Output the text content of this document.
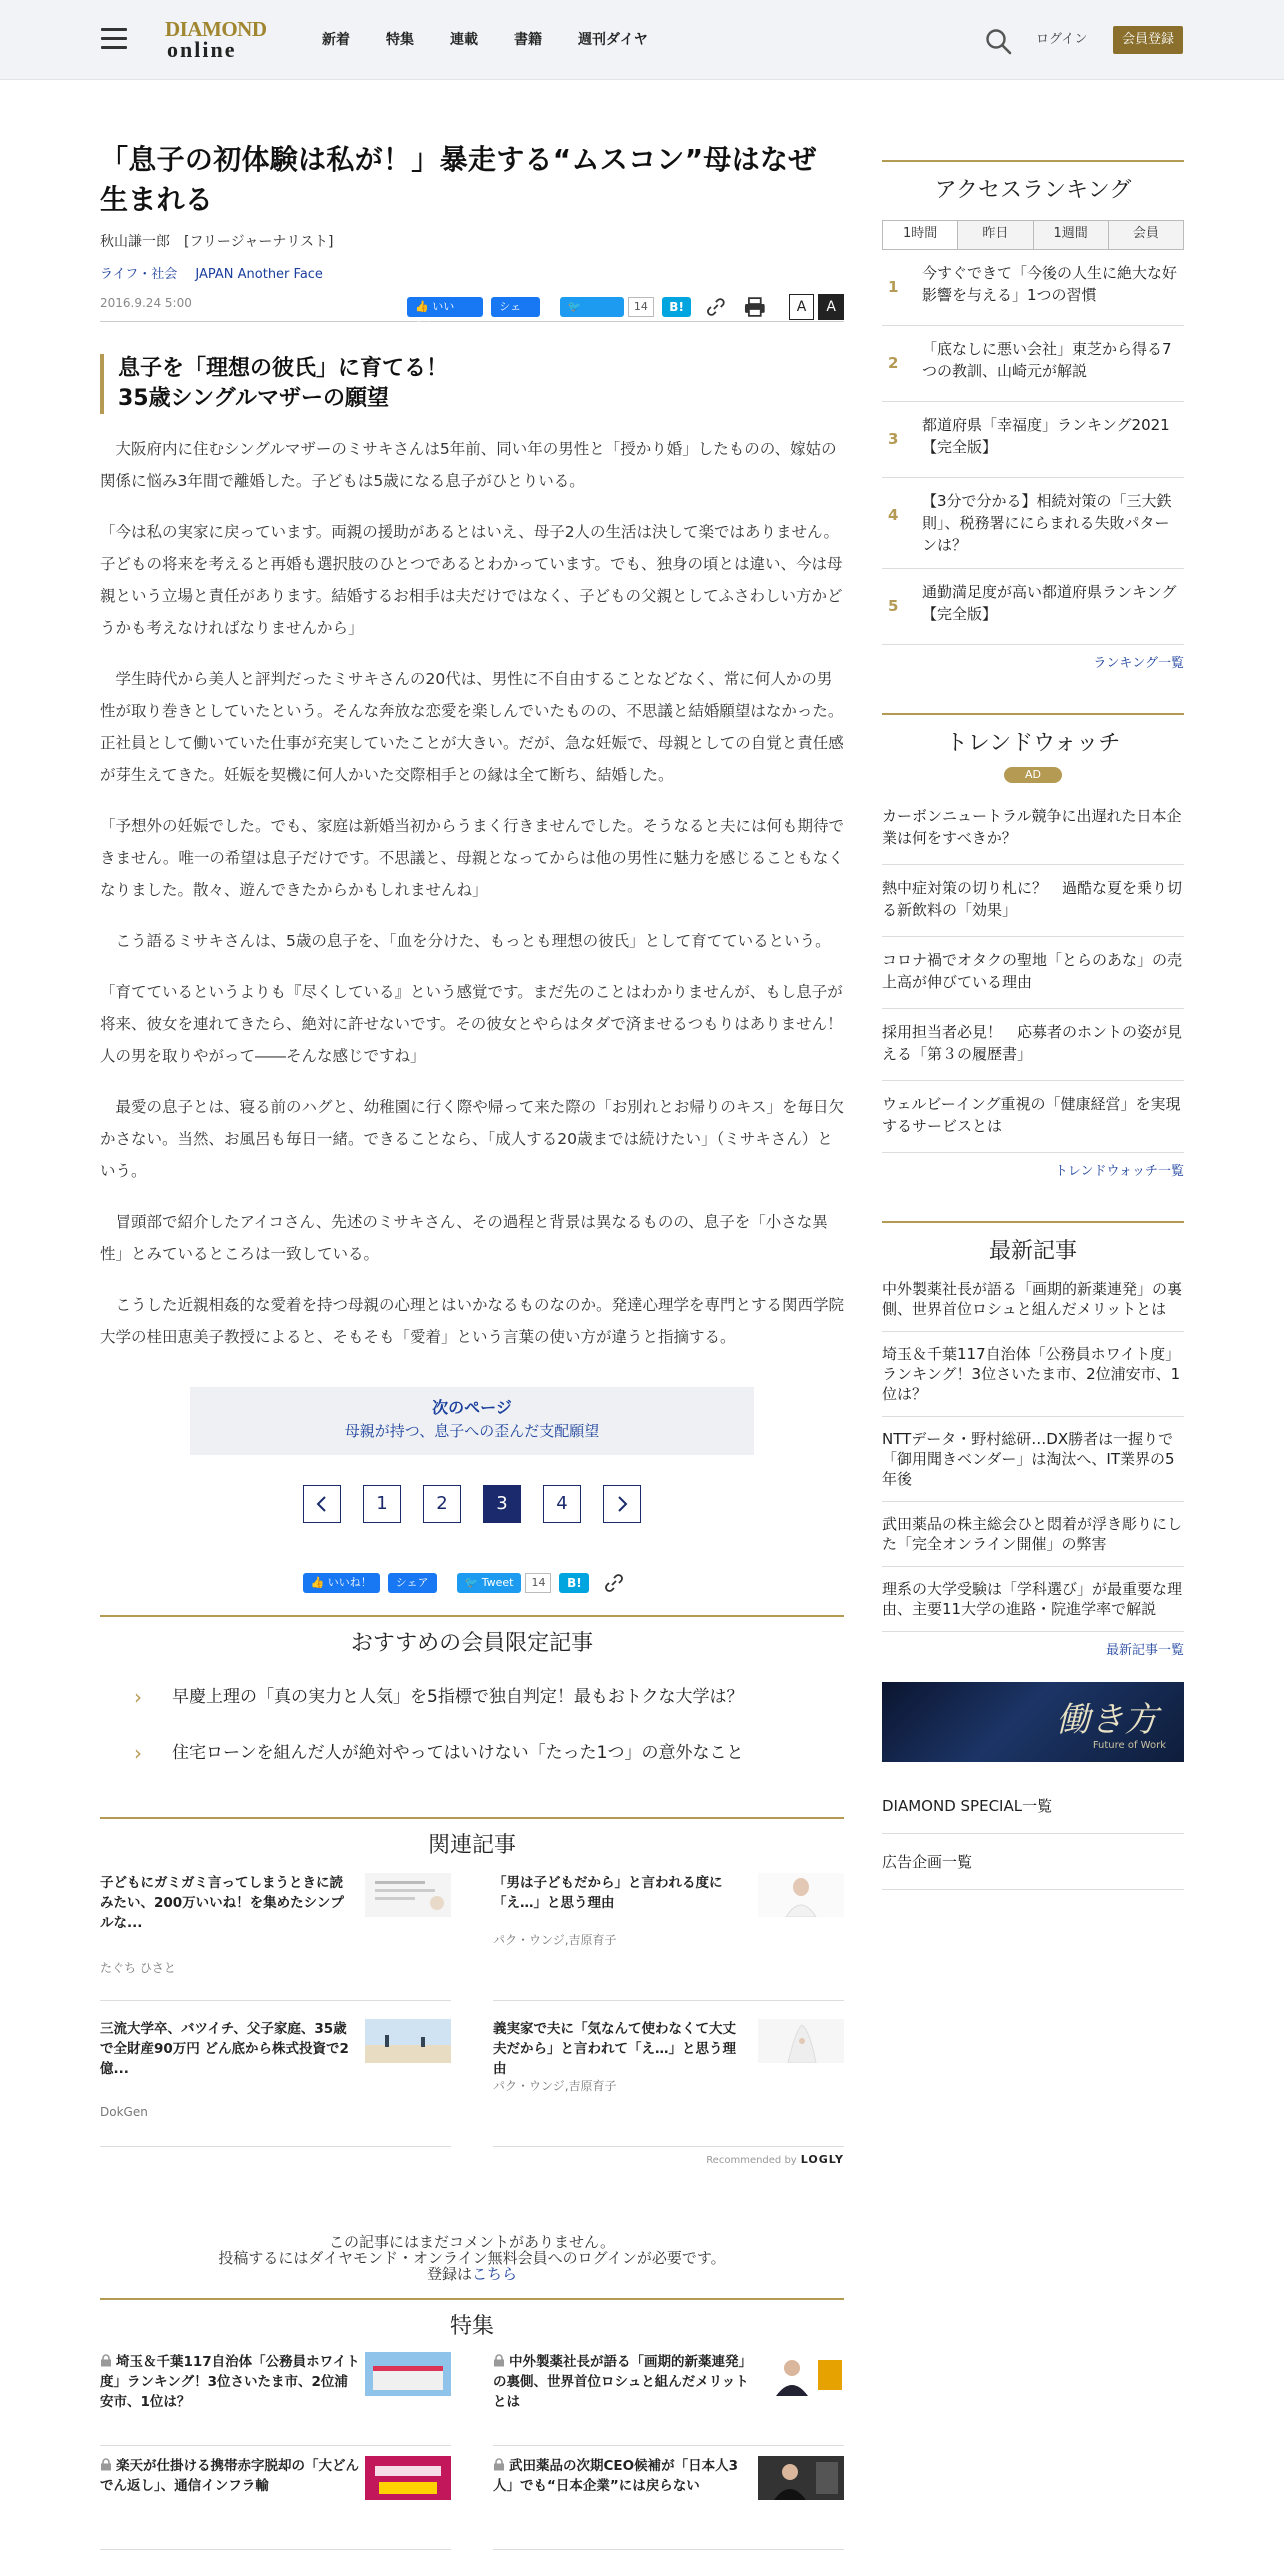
DIAMOND
online	新着	特集	連載	書籍	週刊ダイヤ	ログイン	会員登録
「息子の初体験は私が！」暴走する“ムスコン”母はなぜ生まれる
秋山謙一郎　[フリージャーナリスト]
ライフ・社会 JAPAN Another Face
2016.9.24 5:00	👍 いいね！
シェア
🐦 Tweet
14	B!	A	A
息子を「理想の彼氏」に育てる！
35歳シングルマザーの願望

大阪府内に住むシングルマザーのミサキさんは5年前、同い年の男性と「授かり婚」したものの、嫁姑の関係に悩み3年間で離婚した。子どもは5歳になる息子がひとりいる。

「今は私の実家に戻っています。両親の援助があるとはいえ、母子2人の生活は決して楽ではありません。子どもの将来を考えると再婚も選択肢のひとつであるとわかっています。でも、独身の頃とは違い、今は母親という立場と責任があります。結婚するお相手は夫だけではなく、子どもの父親としてふさわしい方かどうかも考えなければなりませんから」

学生時代から美人と評判だったミサキさんの20代は、男性に不自由することなどなく、常に何人かの男性が取り巻きとしていたという。そんな奔放な恋愛を楽しんでいたものの、不思議と結婚願望はなかった。正社員として働いていた仕事が充実していたことが大きい。だが、急な妊娠で、母親としての自覚と責任感が芽生えてきた。妊娠を契機に何人かいた交際相手との縁は全て断ち、結婚した。

「予想外の妊娠でした。でも、家庭は新婚当初からうまく行きませんでした。そうなると夫には何も期待できません。唯一の希望は息子だけです。不思議と、母親となってからは他の男性に魅力を感じることもなくなりました。散々、遊んできたからかもしれませんね」

こう語るミサキさんは、5歳の息子を、「血を分けた、もっとも理想の彼氏」として育てているという。

「育てているというよりも『尽くしている』という感覚です。まだ先のことはわかりませんが、もし息子が将来、彼女を連れてきたら、絶対に許せないです。その彼女とやらはタダで済ませるつもりはありません！人の男を取りやがって――そんな感じですね」

最愛の息子とは、寝る前のハグと、幼稚園に行く際や帰って来た際の「お別れとお帰りのキス」を毎日欠かさない。当然、お風呂も毎日一緒。できることなら、「成人する20歳までは続けたい」（ミサキさん）という。

冒頭部で紹介したアイコさん、先述のミサキさん、その過程と背景は異なるものの、息子を「小さな異性」とみているところは一致している。

こうした近親相姦的な愛着を持つ母親の心理とはいかなるものなのか。発達心理学を専門とする関西学院大学の桂田恵美子教授によると、そもそも「愛着」という言葉の使い方が違うと指摘する。

次のページ
母親が持つ、息子への歪んだ支配願望
1	2	3	4
👍 いいね！	シェア	🐦 Tweet	14	B!
おすすめの会員限定記事
› 早慶上理の「真の実力と人気」を5指標で独自判定！最もおトクな大学は？
› 住宅ローンを組んだ人が絶対やってはいけない「たった1つ」の意外なこと
関連記事
子どもにガミガミ言ってしまうときに読みたい、200万いいね！を集めたシンプルな...
たぐち ひさと
「男は子どもだから」と言われる度に「え…」と思う理由
パク・ウンジ,吉原育子
三流大学卒、バツイチ、父子家庭、35歳で全財産90万円 どん底から株式投資で2億...
DokGen
義実家で夫に「気なんて使わなくて大丈夫だから」と言われて「え…」と思う理由
パク・ウンジ,吉原育子
Recommended by LOGLY
この記事にはまだコメントがありません。
投稿するにはダイヤモンド・オンライン無料会員へのログインが必要です。
登録はこちら
特集
埼玉＆千葉117自治体「公務員ホワイト度」ランキング！3位さいたま市、2位浦安市、1位は？
中外製薬社長が語る「画期的新薬連発」の裏側、世界首位ロシュと組んだメリットとは
楽天が仕掛ける携帯赤字脱却の「大どんでん返し」、通信インフラ輸
武田薬品の次期CEO候補が「日本人3人」でも“日本企業”には戻らない
アクセスランキング
1時間	昨日	1週間	会員
1
今すぐできて「今後の人生に絶大な好影響を与える」1つの習慣
2
「底なしに悪い会社」東芝から得る7つの教訓、山崎元が解説
3
都道府県「幸福度」ランキング2021【完全版】
4
【3分で分かる】相続対策の「三大鉄則」、税務署ににらまれる失敗パターンは？
5
通勤満足度が高い都道府県ランキング【完全版】
ランキング一覧
トレンドウォッチ
AD
カーボンニュートラル競争に出遅れた日本企業は何をすべきか？
熱中症対策の切り札に？　過酷な夏を乗り切る新飲料の「効果」
コロナ禍でオタクの聖地「とらのあな」の売上高が伸びている理由
採用担当者必見！　応募者のホントの姿が見える「第３の履歴書」
ウェルビーイング重視の「健康経営」を実現するサービスとは
トレンドウォッチ一覧
最新記事
中外製薬社長が語る「画期的新薬連発」の裏側、世界首位ロシュと組んだメリットとは
埼玉＆千葉117自治体「公務員ホワイト度」ランキング！3位さいたま市、2位浦安市、1位は？
NTTデータ・野村総研…DX勝者は一握りで「御用聞きベンダー」は淘汰へ、IT業界の5年後
武田薬品の株主総会ひと悶着が浮き彫りにした「完全オンライン開催」の弊害
理系の大学受験は「学科選び」が最重要な理由、主要11大学の進路・院進学率で解説
最新記事一覧
働き方
Future of Work
DIAMOND SPECIAL一覧
広告企画一覧
